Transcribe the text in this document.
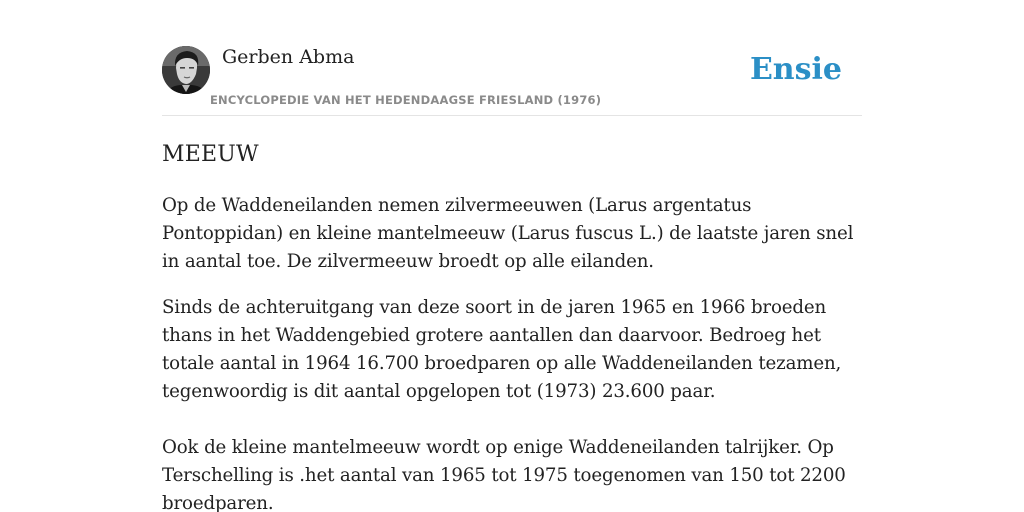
Gerben Abma
ENCYCLOPEDIE VAN HET HEDENDAAGSE FRIESLAND (1976)
Ensie
MEEUW

Op de Waddeneilanden nemen zilvermeeuwen (Larus argentatus Pontoppidan) en kleine mantelmeeuw (Larus fuscus L.) de laatste jaren snel in aantal toe. De zilvermeeuw broedt op alle eilanden.

Sinds de achteruitgang van deze soort in de jaren 1965 en 1966 broeden thans in het Waddengebied grotere aantallen dan daarvoor. Bedroeg het totale aantal in 1964 16.700 broedparen op alle Waddeneilanden tezamen, tegenwoordig is dit aantal opgelopen tot (1973) 23.600 paar.

Ook de kleine mantelmeeuw wordt op enige Waddeneilanden talrijker. Op Terschelling is .het aantal van 1965 tot 1975 toegenomen van 150 tot 2200 broedparen.
